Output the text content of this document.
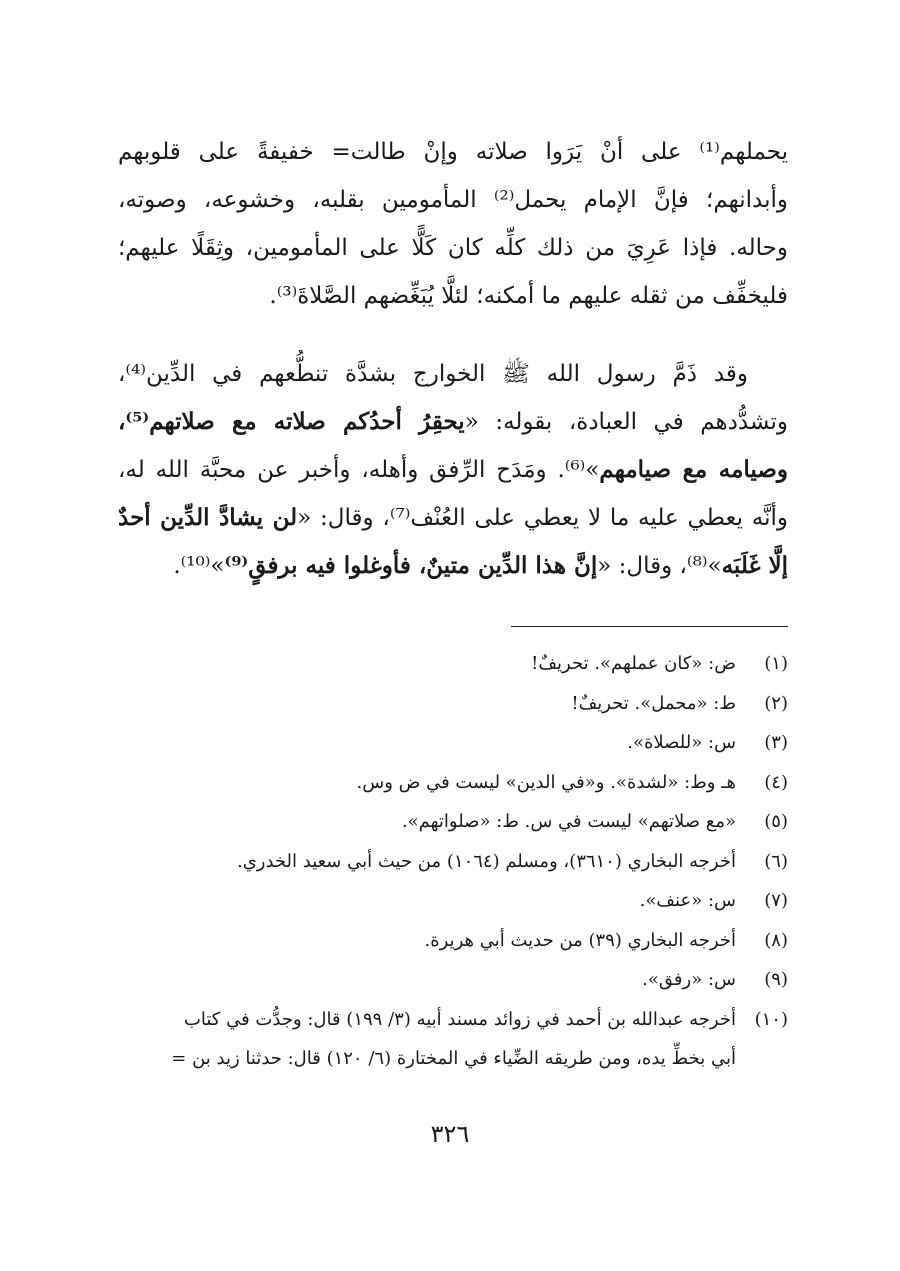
يحملهم⁽¹⁾ على أنْ يَرَوا صلاته وإنْ طالت= خفيفةً على قلوبهم
وأبدانهم؛ فإنَّ الإمام يحمل⁽²⁾ المأمومين بقلبه، وخشوعه، وصوته،
وحاله. فإذا عَرِيَ من ذلك كلِّه كان كَلًّا على المأمومين، وثِقَلًا عليهم؛
فليخفِّف من ثقله عليهم ما أمكنه؛ لئلَّا يُبَغِّضهم الصَّلاةَ⁽³⁾.
وقد ذَمَّ رسول الله ﷺ الخوارج بشدَّة تنطُّعهم في الدِّين⁽⁴⁾،
وتشدُّدهم في العبادة، بقوله: «يحقِرُ أحدُكم صلاته مع صلاتهم⁽⁵⁾،
وصيامه مع صيامهم»⁽⁶⁾. ومَدَح الرِّفق وأهله، وأخبر عن محبَّة الله له،
وأنَّه يعطي عليه ما لا يعطي على العُنْف⁽⁷⁾، وقال: «لن يشادَّ الدِّين أحدٌ
إلَّا غَلَبَه»⁽⁸⁾، وقال: «إنَّ هذا الدِّين متينٌ، فأوغلوا فيه برفقٍ⁽⁹⁾»⁽¹⁰⁾.
(١)ض: «كان عملهم». تحريفٌ!
(٢)ط: «محمل». تحريفٌ!
(٣)س: «للصلاة».
(٤)هـ وط: «لشدة». و«في الدين» ليست في ض وس.
(٥)«مع صلاتهم» ليست في س. ط: «صلواتهم».
(٦)أخرجه البخاري (٣٦١٠)، ومسلم (١٠٦٤) من حيث أبي سعيد الخدري.
(٧)س: «عنف».
(٨)أخرجه البخاري (٣٩) من حديث أبي هريرة.
(٩)س: «رفق».
(١٠)أخرجه عبدالله بن أحمد في زوائد مسند أبيه (٣/ ١٩٩) قال: وجدُّت في كتاب
أبي بخطِّ يده، ومن طريقه الضِّياء في المختارة (٦/ ١٢٠) قال: حدثنا زيد بن =
٣٢٦
